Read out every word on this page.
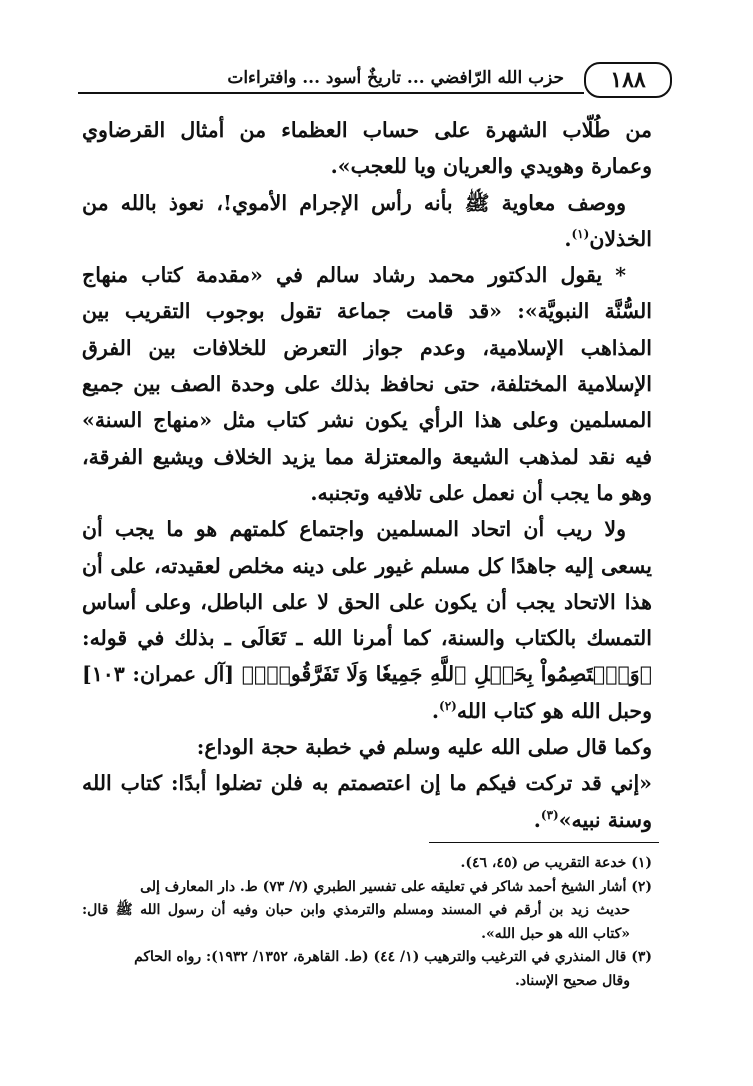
١٨٨
حزب الله الرّافضي ... تاريخٌ أسود ... وافتراءات

من طُلّاب الشهرة على حساب العظماء من أمثال القرضاوي وعمارة وهويدي والعريان ويا للعجب».

ووصف معاوية ﷺ بأنه رأس الإجرام الأموي!، نعوذ بالله من الخذلان$^{(١)}$.

* يقول الدكتور محمد رشاد سالم في «مقدمة كتاب منهاج السُّنَّة النبويَّة»: «قد قامت جماعة تقول بوجوب التقريب بين المذاهب الإسلامية، وعدم جواز التعرض للخلافات بين الفرق الإسلامية المختلفة، حتى نحافظ بذلك على وحدة الصف بين جميع المسلمين وعلى هذا الرأي يكون نشر كتاب مثل «منهاج السنة» فيه نقد لمذهب الشيعة والمعتزلة مما يزيد الخلاف ويشيع الفرقة، وهو ما يجب أن نعمل على تلافيه وتجنبه.

ولا ريب أن اتحاد المسلمين واجتماع كلمتهم هو ما يجب أن يسعى إليه جاهدًا كل مسلم غيور على دينه مخلص لعقيدته، على أن هذا الاتحاد يجب أن يكون على الحق لا على الباطل، وعلى أساس التمسك بالكتاب والسنة، كما أمرنا الله ـ تَعَالَى ـ بذلك في قوله: ﴿وَٱعۡتَصِمُواْ بِحَبۡلِ ٱللَّهِ جَمِيعٗا وَلَا تَفَرَّقُواْۚ﴾ [آل عمران: ١٠٣] وحبل الله هو كتاب الله$^{(٢)}$.

وكما قال صلى الله عليه وسلم في خطبة حجة الوداع:

«إني قد تركت فيكم ما إن اعتصمتم به فلن تضلوا أبدًا: كتاب الله وسنة نبيه»$^{(٣)}$.

(١) خدعة التقريب ص (٤٥، ٤٦).

(٢) أشار الشيخ أحمد شاكر في تعليقه على تفسير الطبري (٧/ ٧٣) ط. دار المعارف إلى

حديث زيد بن أرقم في المسند ومسلم والترمذي وابن حبان وفيه أن رسول الله ﷺ قال: «كتاب الله هو حبل الله».

(٣) قال المنذري في الترغيب والترهيب (١/ ٤٤) (ط. القاهرة، ١٣٥٢/ ١٩٣٢): رواه الحاكم

وقال صحيح الإسناد.
